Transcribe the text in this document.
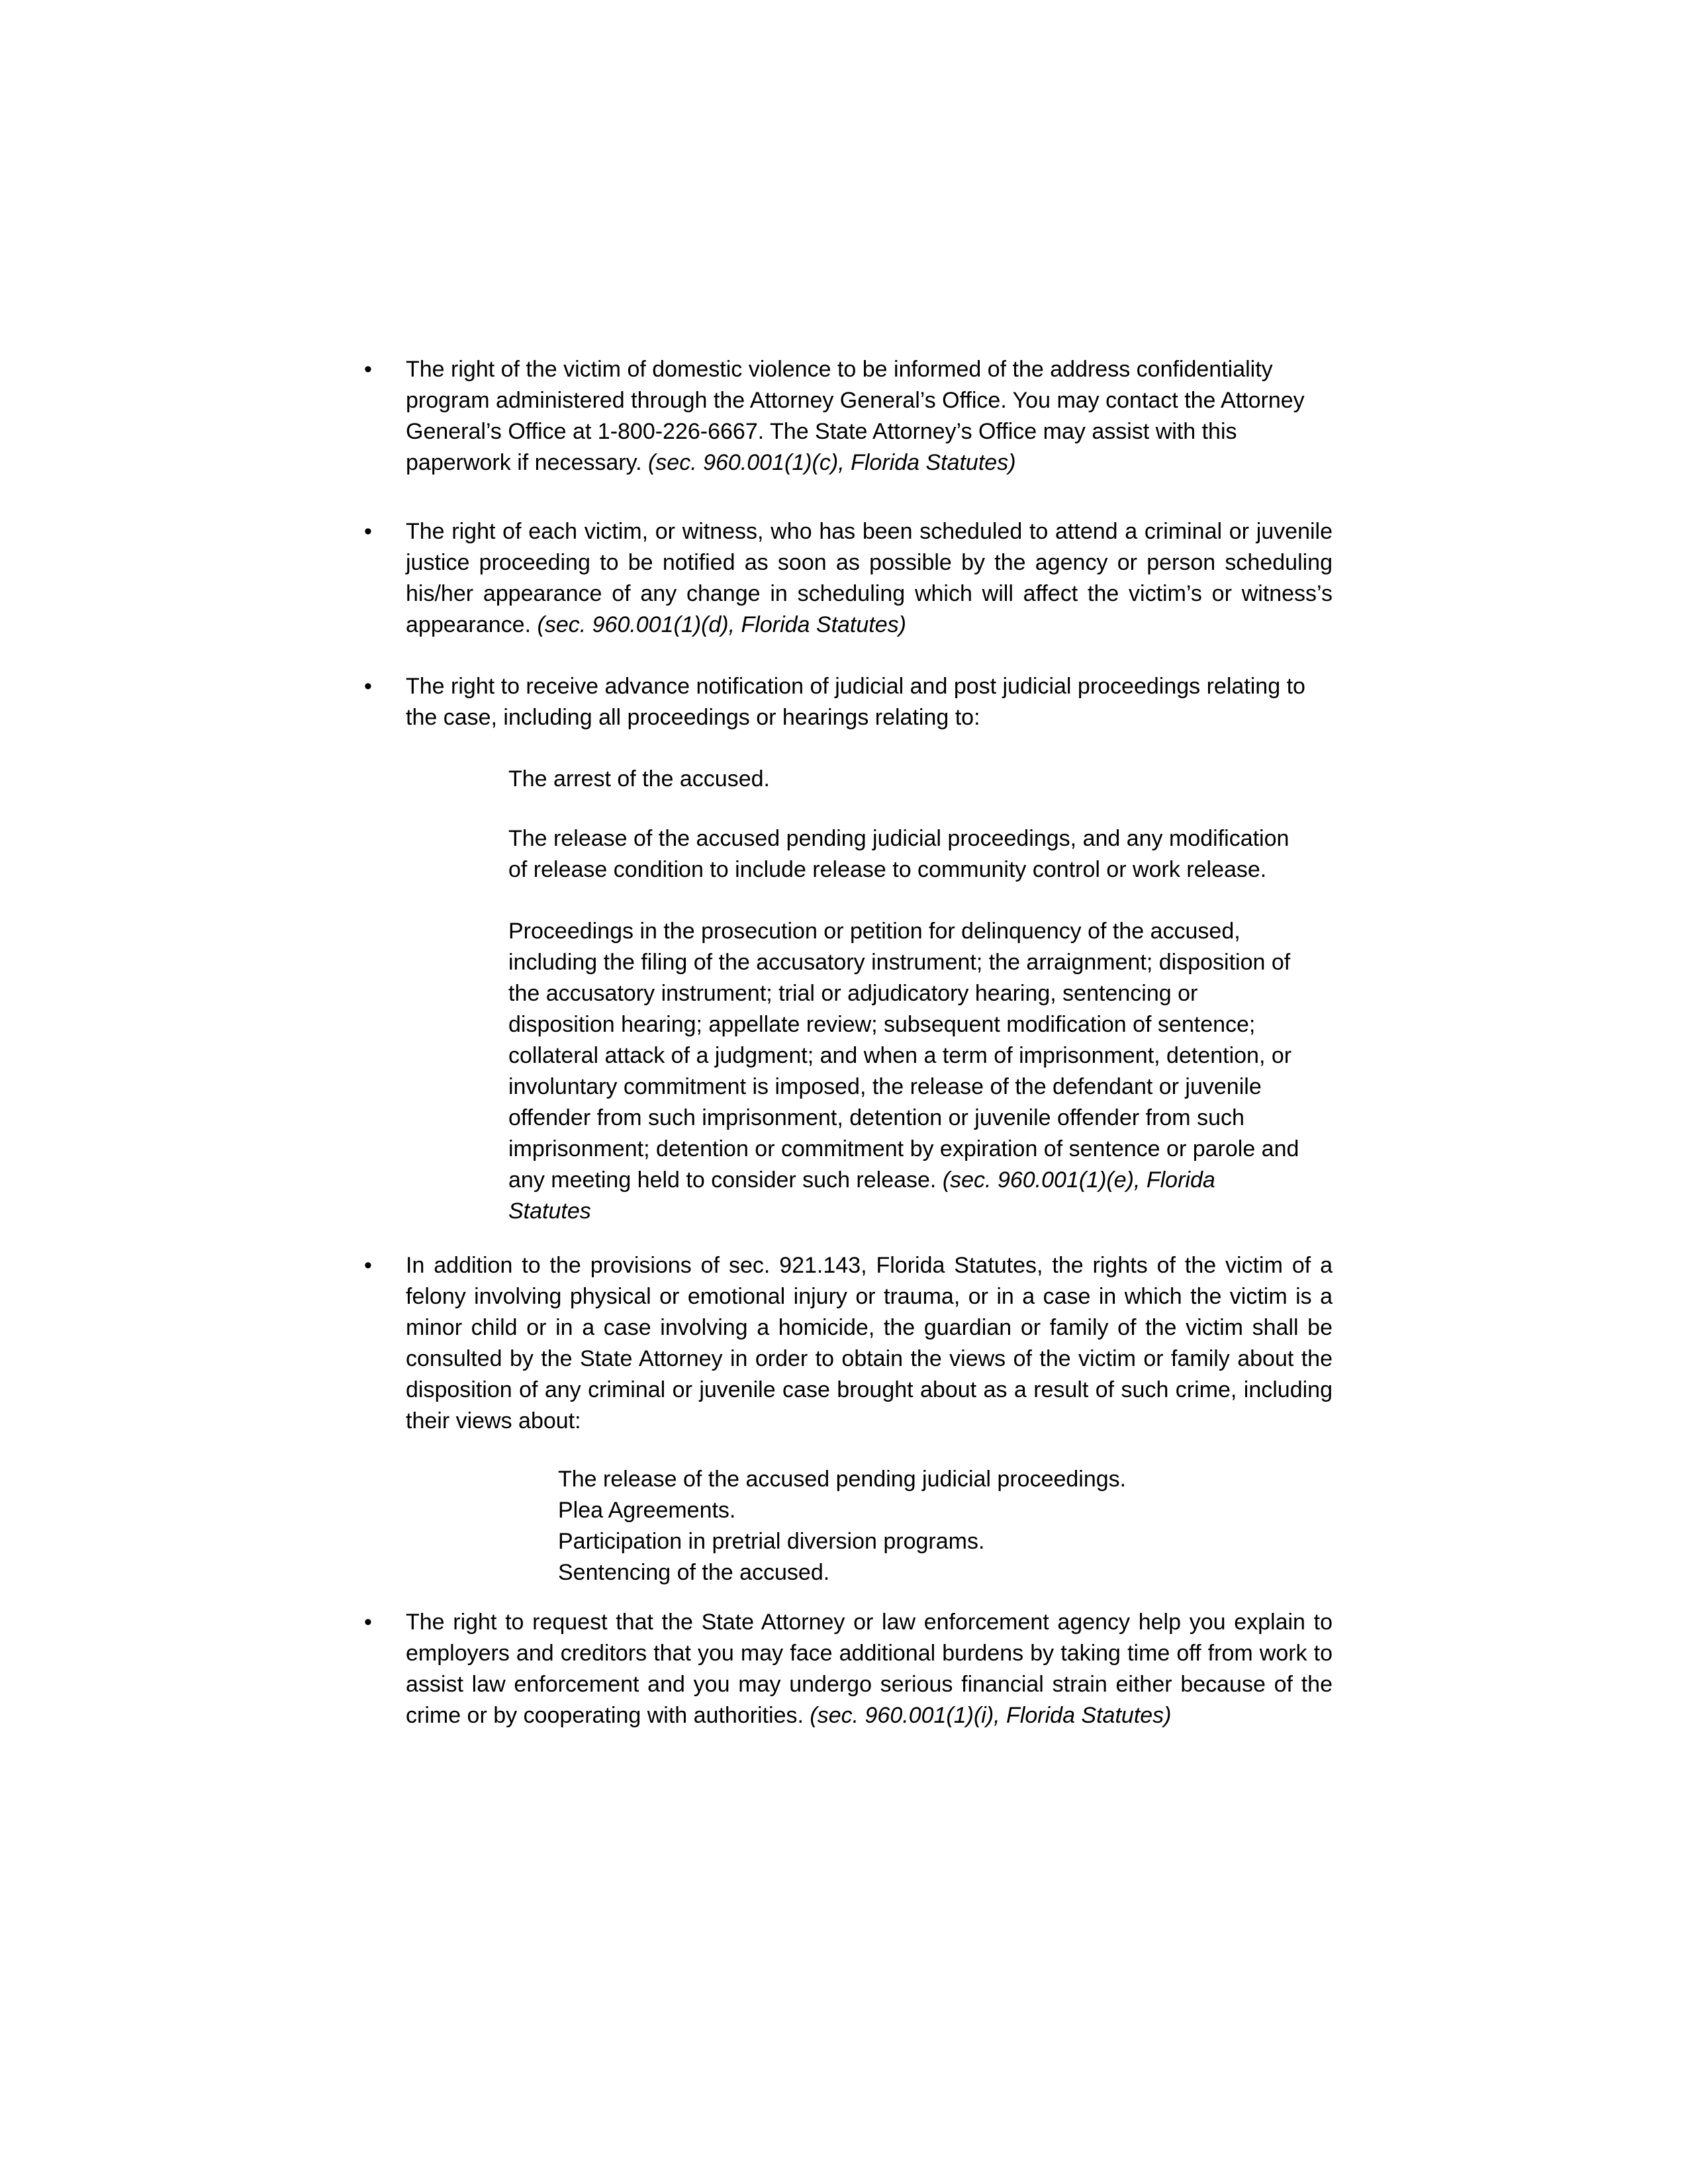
•	The right of the victim of domestic violence to be informed of the address confidentiality program administered through the Attorney General’s Office. You may contact the Attorney General’s Office at 1-800-226-6667. The State Attorney’s Office may assist with this paperwork if necessary. (sec. 960.001(1)(c), Florida Statutes)

•	The right of each victim, or witness, who has been scheduled to attend a criminal or juvenile justice proceeding to be notified as soon as possible by the agency or person scheduling his/her appearance of any change in scheduling which will affect the victim’s or witness’s appearance. (sec. 960.001(1)(d), Florida Statutes)

•	The right to receive advance notification of judicial and post judicial proceedings relating to the case, including all proceedings or hearings relating to:

The arrest of the accused.

The release of the accused pending judicial proceedings, and any modification of release condition to include release to community control or work release.

Proceedings in the prosecution or petition for delinquency of the accused, including the filing of the accusatory instrument; the arraignment; disposition of the accusatory instrument; trial or adjudicatory hearing, sentencing or disposition hearing; appellate review; subsequent modification of sentence; collateral attack of a judgment; and when a term of imprisonment, detention, or involuntary commitment is imposed, the release of the defendant or juvenile offender from such imprisonment, detention or juvenile offender from such imprisonment; detention or commitment by expiration of sentence or parole and any meeting held to consider such release. (sec. 960.001(1)(e), Florida Statutes

•	In addition to the provisions of sec. 921.143, Florida Statutes, the rights of the victim of a felony involving physical or emotional injury or trauma, or in a case in which the victim is a minor child or in a case involving a homicide, the guardian or family of the victim shall be consulted by the State Attorney in order to obtain the views of the victim or family about the disposition of any criminal or juvenile case brought about as a result of such crime, including their views about:

The release of the accused pending judicial proceedings.

Plea Agreements.

Participation in pretrial diversion programs.

Sentencing of the accused.

•	The right to request that the State Attorney or law enforcement agency help you explain to employers and creditors that you may face additional burdens by taking time off from work to assist law enforcement and you may undergo serious financial strain either because of the crime or by cooperating with authorities. (sec. 960.001(1)(i), Florida Statutes)
